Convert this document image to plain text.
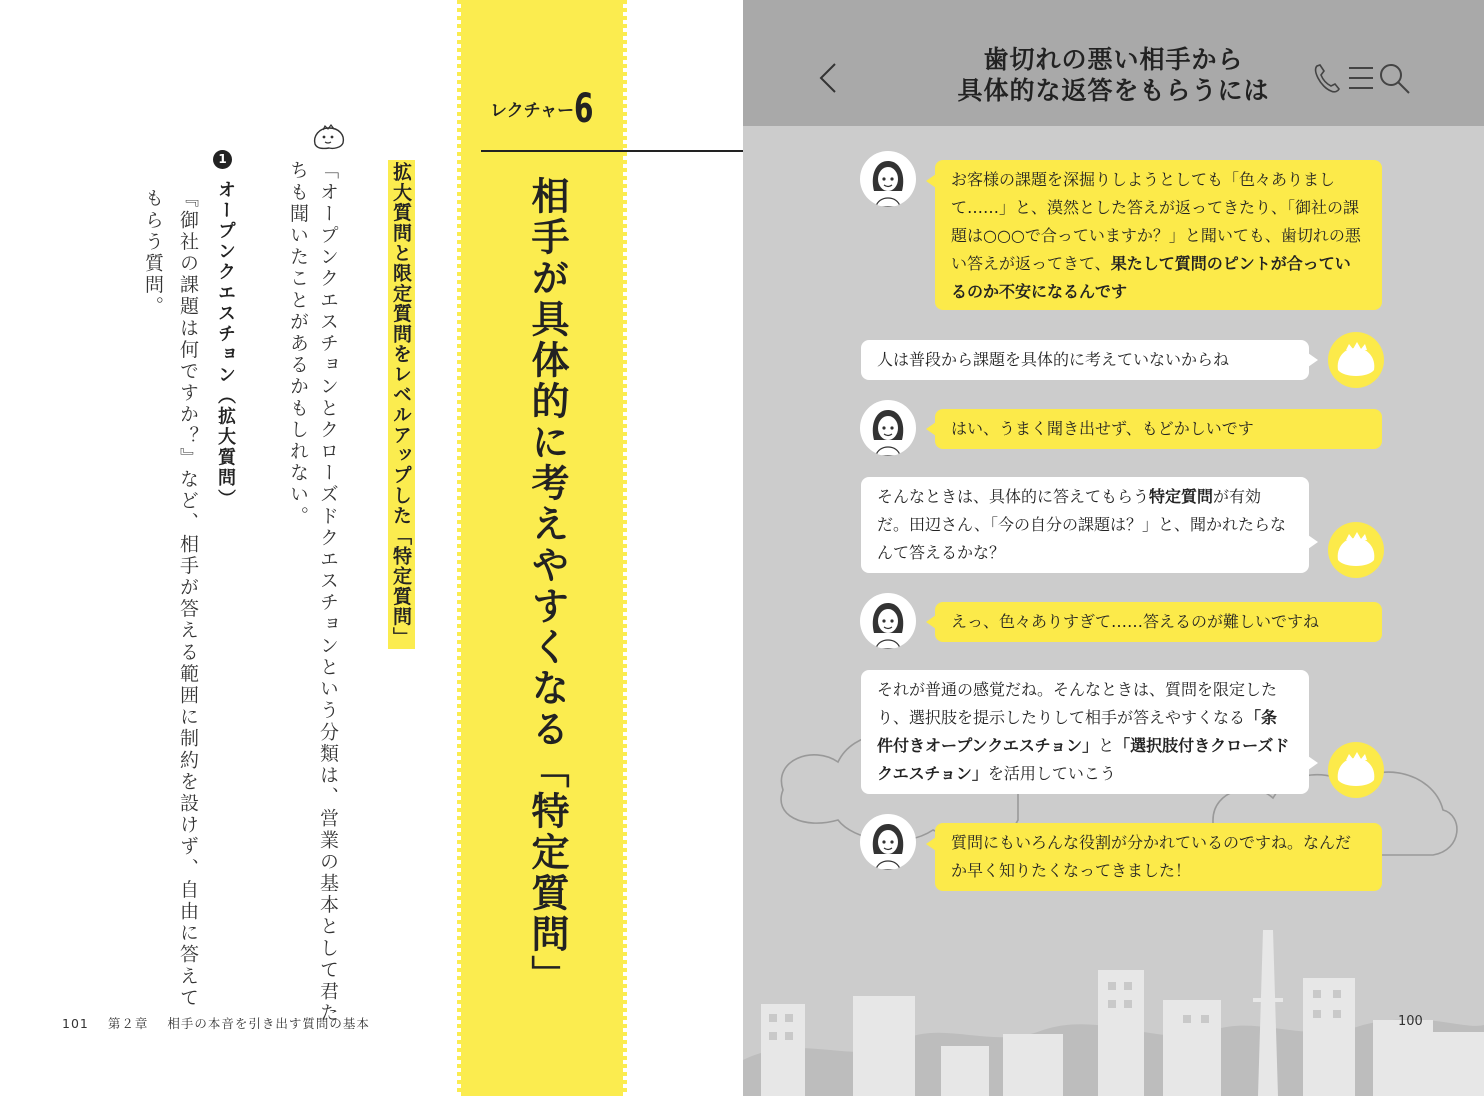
レクチャー 6
相手が具体的に考えやすくなる「特定質問」
拡大質問と限定質問をレベルアップした「特定質問」
「オープンクエスチョンとクローズドクエスチョンという分類は、営業の基本として君た
ちも聞いたことがあるかもしれない。
1
オープンクエスチョン（拡大質問）
『御社の課題は何ですか？』など、相手が答える範囲に制約を設けず、自由に答えて
もらう質問。
101 第２章 相手の本音を引き出す質問の基本
歯切れの悪い相手から
具体的な返答をもらうには
お客様の課題を深掘りしようとしても「色々ありまして……」と、漠然とした答えが返ってきたり、「御社の課題は○○○で合っていますか？」と聞いても、歯切れの悪い答えが返ってきて、果たして質問のピントが合っているのか不安になるんです
人は普段から課題を具体的に考えていないからね
はい、うまく聞き出せず、もどかしいです
そんなときは、具体的に答えてもらう特定質問が有効だ。田辺さん、「今の自分の課題は？」と、聞かれたらなんて答えるかな？
えっ、色々ありすぎて……答えるのが難しいですね
それが普通の感覚だね。そんなときは、質問を限定したり、選択肢を提示したりして相手が答えやすくなる「条件付きオープンクエスチョン」と「選択肢付きクローズドクエスチョン」を活用していこう
質問にもいろんな役割が分かれているのですね。なんだか早く知りたくなってきました！
100
